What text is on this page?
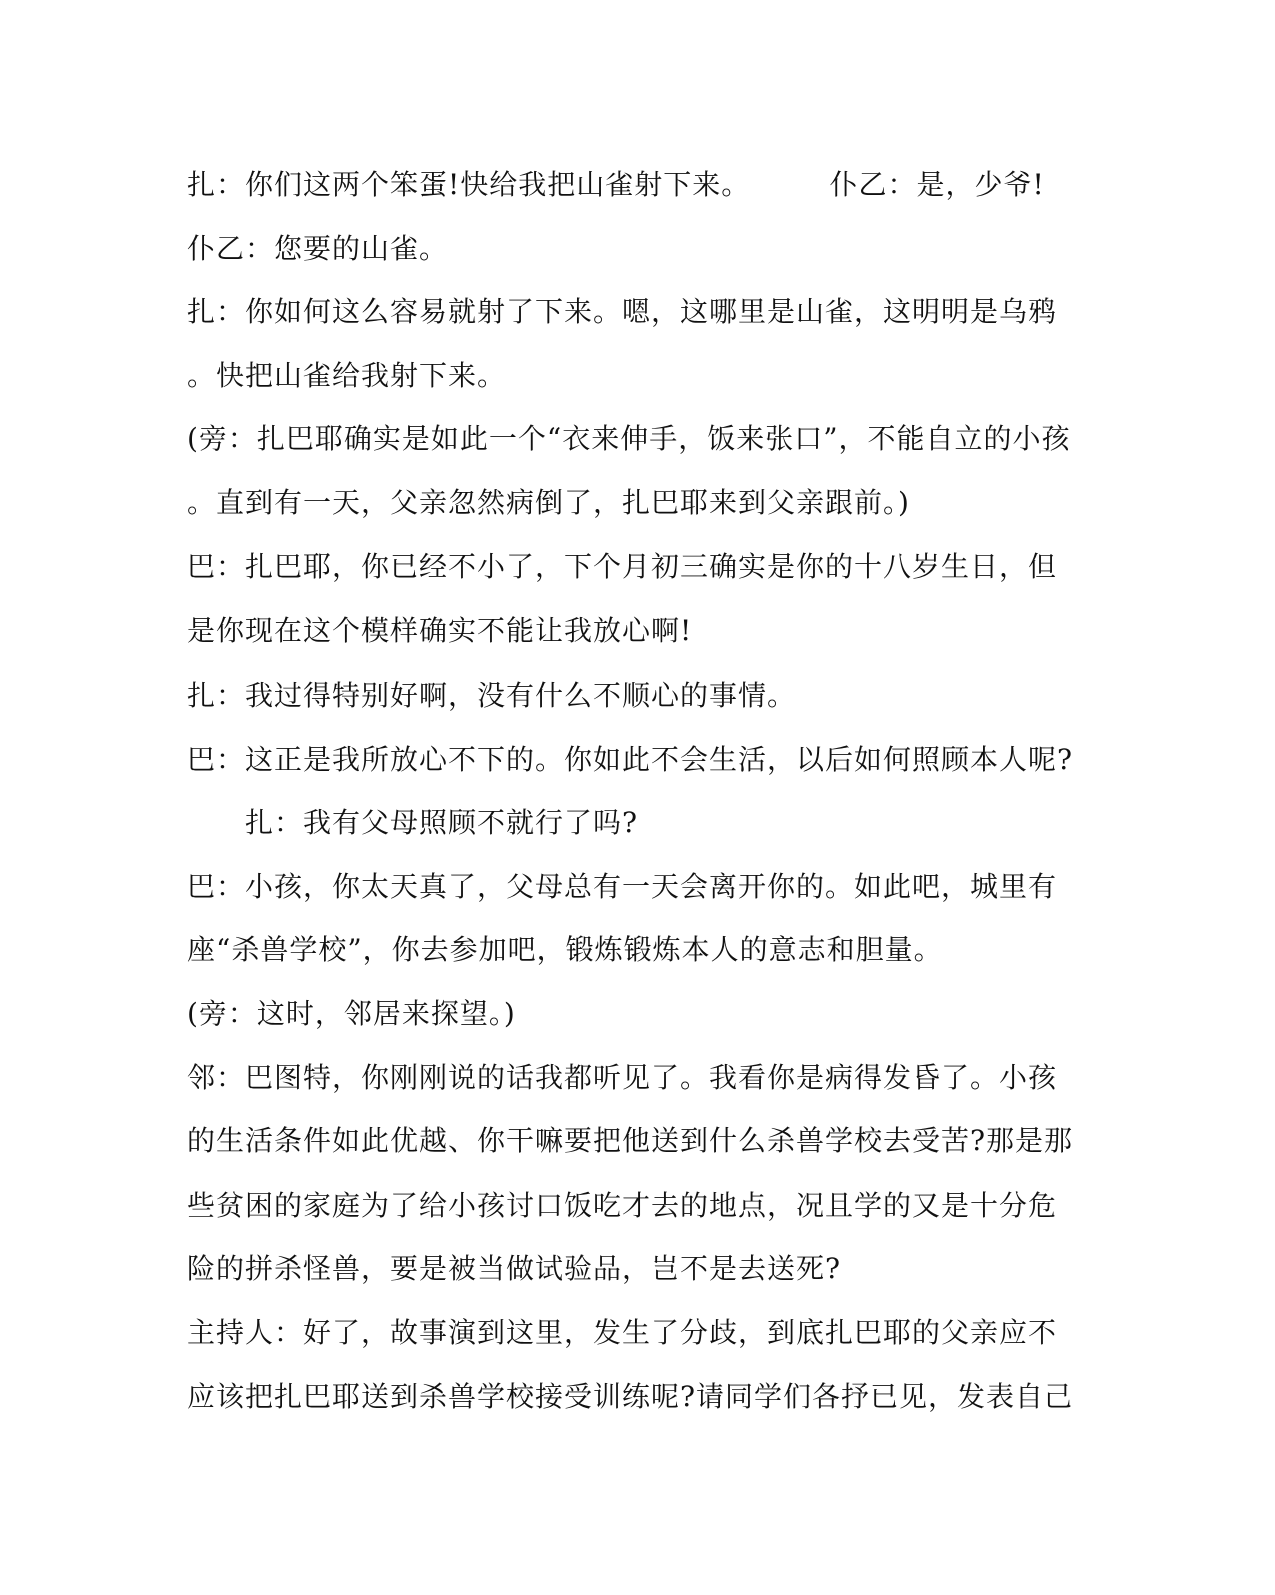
扎：你们这两个笨蛋!快给我把山雀射下来。        仆乙：是，少爷!
仆乙：您要的山雀。
扎：你如何这么容易就射了下来。嗯，这哪里是山雀，这明明是乌鸦
。快把山雀给我射下来。
(旁：扎巴耶确实是如此一个“衣来伸手，饭来张口”，不能自立的小孩
。直到有一天，父亲忽然病倒了，扎巴耶来到父亲跟前。)
巴：扎巴耶，你已经不小了，下个月初三确实是你的十八岁生日，但
是你现在这个模样确实不能让我放心啊!
扎：我过得特别好啊，没有什么不顺心的事情。
巴：这正是我所放心不下的。你如此不会生活，以后如何照顾本人呢?
扎：我有父母照顾不就行了吗?
巴：小孩，你太天真了，父母总有一天会离开你的。如此吧，城里有
座“杀兽学校”，你去参加吧，锻炼锻炼本人的意志和胆量。
(旁：这时，邻居来探望。)
邻：巴图特，你刚刚说的话我都听见了。我看你是病得发昏了。小孩
的生活条件如此优越、你干嘛要把他送到什么杀兽学校去受苦?那是那
些贫困的家庭为了给小孩讨口饭吃才去的地点，况且学的又是十分危
险的拼杀怪兽，要是被当做试验品，岂不是去送死?
主持人：好了，故事演到这里，发生了分歧，到底扎巴耶的父亲应不
应该把扎巴耶送到杀兽学校接受训练呢?请同学们各抒已见，发表自己
